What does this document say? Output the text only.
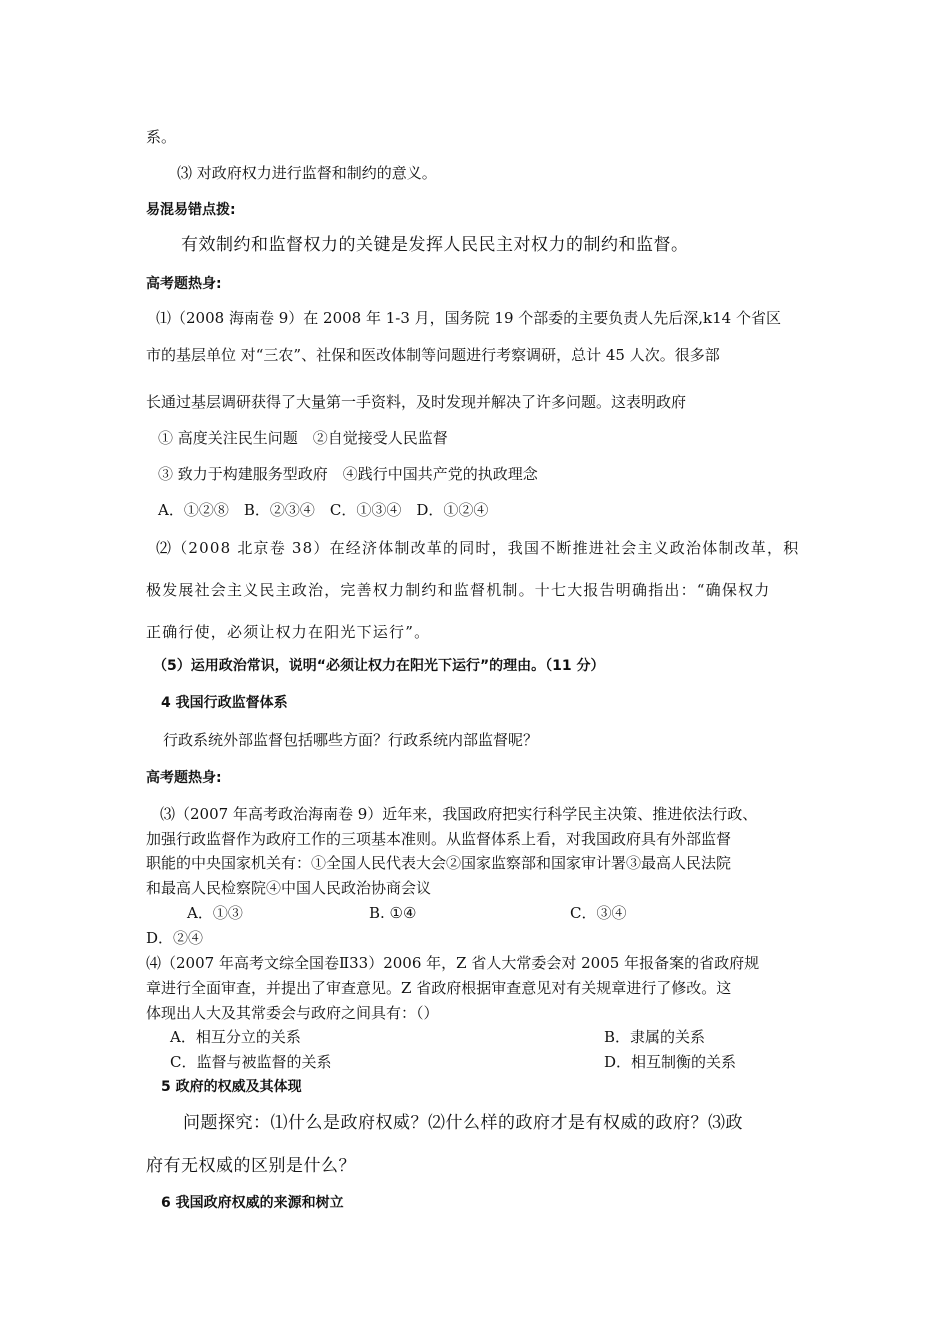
系。
⑶ 对政府权力进行监督和制约的意义。
易混易错点拨:
有效制约和监督权力的关键是发挥人民民主对权力的制约和监督。
高考题热身:
⑴（2008 海南卷 9）在 2008 年 1-3 月，国务院 19 个部委的主要负责人先后深,k14 个省区
市的基层单位 对“三农”、社保和医改体制等问题进行考察调研，总计 45 人次。很多部
长通过基层调研获得了大量第一手资料，及时发现并解决了许多问题。这表明政府
① 高度关注民生问题　②自觉接受人民监督
③ 致力于构建服务型政府　④践行中国共产党的执政理念
A．①②⑧　B．②③④　C．①③④　D．①②④
⑵（2008 北京卷 38）在经济体制改革的同时，我国不断推进社会主义政治体制改革，积
极发展社会主义民主政治，完善权力制约和监督机制。十七大报告明确指出：“确保权力
正确行使，必须让权力在阳光下运行”。
（5）运用政治常识，说明“必须让权力在阳光下运行”的理由。（11 分）
4 我国行政监督体系
行政系统外部监督包括哪些方面？行政系统内部监督呢？
高考题热身:
⑶（2007 年高考政治海南卷 9）近年来，我国政府把实行科学民主决策、推进依法行政、
加强行政监督作为政府工作的三项基本准则。从监督体系上看，对我国政府具有外部监督
职能的中央国家机关有：①全国人民代表大会②国家监察部和国家审计署③最高人民法院
和最高人民检察院④中国人民政治协商会议
A．①③	B. ①④	C．③④
D．②④
⑷（2007 年高考文综全国卷Ⅱ33）2006 年，Z 省人大常委会对 2005 年报备案的省政府规
章进行全面审查，并提出了审查意见。Z 省政府根据审查意见对有关规章进行了修改。这
体现出人大及其常委会与政府之间具有：（）
A．相互分立的关系	B．隶属的关系
C．监督与被监督的关系	D．相互制衡的关系
5 政府的权威及其体现
问题探究：⑴什么是政府权威？⑵什么样的政府才是有权威的政府？⑶政
府有无权威的区别是什么？
6 我国政府权威的来源和树立
